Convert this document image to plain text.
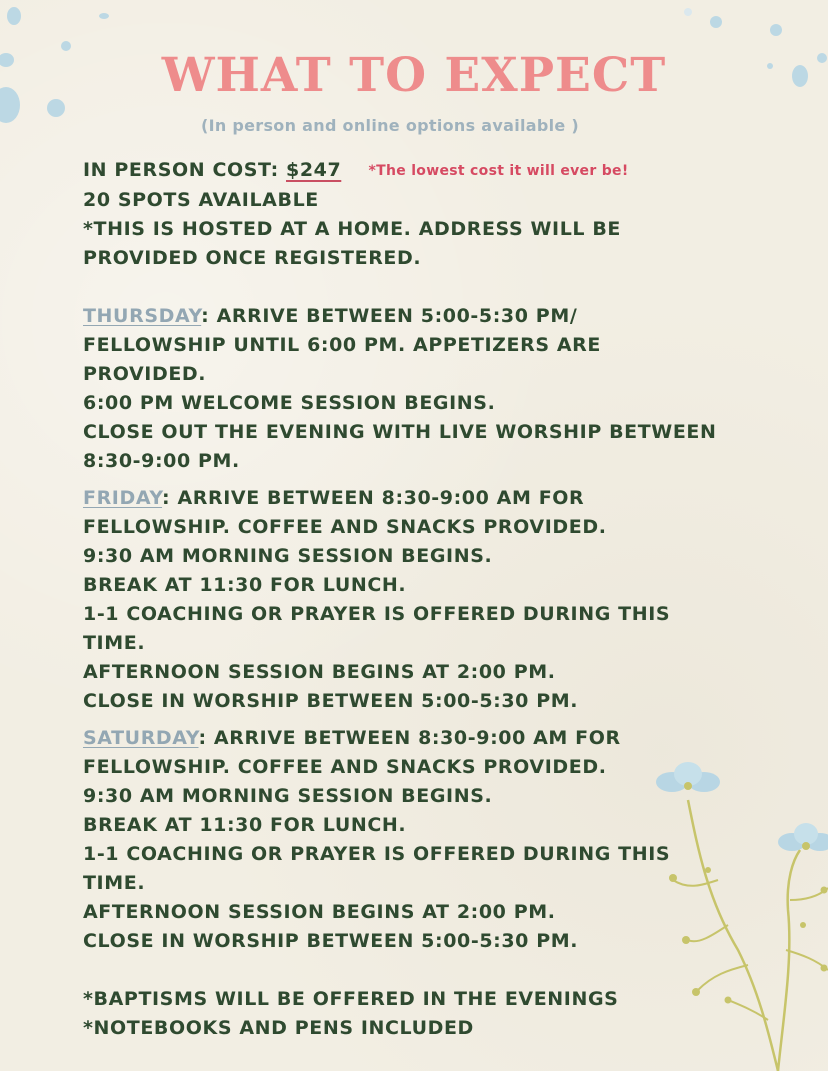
WHAT TO EXPECT
(In person and online options available )
IN PERSON COST: $247 *The lowest cost it will ever be!
20 SPOTS AVAILABLE
*THIS IS HOSTED AT A HOME. ADDRESS WILL BE
PROVIDED ONCE REGISTERED.
THURSDAY: ARRIVE BETWEEN 5:00-5:30 PM/
FELLOWSHIP UNTIL 6:00 PM. APPETIZERS ARE
PROVIDED.
6:00 PM WELCOME SESSION BEGINS.
CLOSE OUT THE EVENING WITH LIVE WORSHIP BETWEEN
8:30-9:00 PM.
FRIDAY: ARRIVE BETWEEN 8:30-9:00 AM FOR
FELLOWSHIP. COFFEE AND SNACKS PROVIDED.
9:30 AM MORNING SESSION BEGINS.
BREAK AT 11:30 FOR LUNCH.
1-1 COACHING OR PRAYER IS OFFERED DURING THIS
TIME.
AFTERNOON SESSION BEGINS AT 2:00 PM.
CLOSE IN WORSHIP BETWEEN 5:00-5:30 PM.
SATURDAY: ARRIVE BETWEEN 8:30-9:00 AM FOR
FELLOWSHIP. COFFEE AND SNACKS PROVIDED.
9:30 AM MORNING SESSION BEGINS.
BREAK AT 11:30 FOR LUNCH.
1-1 COACHING OR PRAYER IS OFFERED DURING THIS
TIME.
AFTERNOON SESSION BEGINS AT 2:00 PM.
CLOSE IN WORSHIP BETWEEN 5:00-5:30 PM.
*BAPTISMS WILL BE OFFERED IN THE EVENINGS
*NOTEBOOKS AND PENS INCLUDED
